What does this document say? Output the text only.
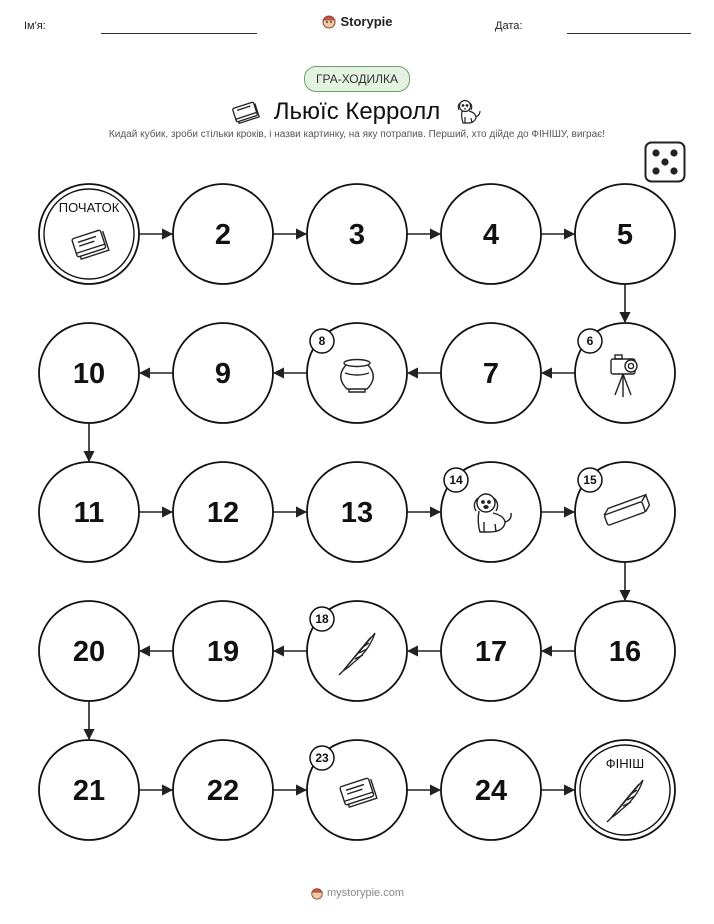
Ім'я:	Storypie	Дата:
ГРА-ХОДИЛКА
Льюїс Керролл
Кидай кубик, зроби стільки кроків, і назви картинку, на яку потрапив. Перший, хто дійде до ФІНІШУ, виграє!
ПОЧАТОК
2	3	4	5
6
7
8
9
10
11	12	13
14	15
16
17
18
19
20
21	22
23
24
ФІНІШ
mystorypie.com
